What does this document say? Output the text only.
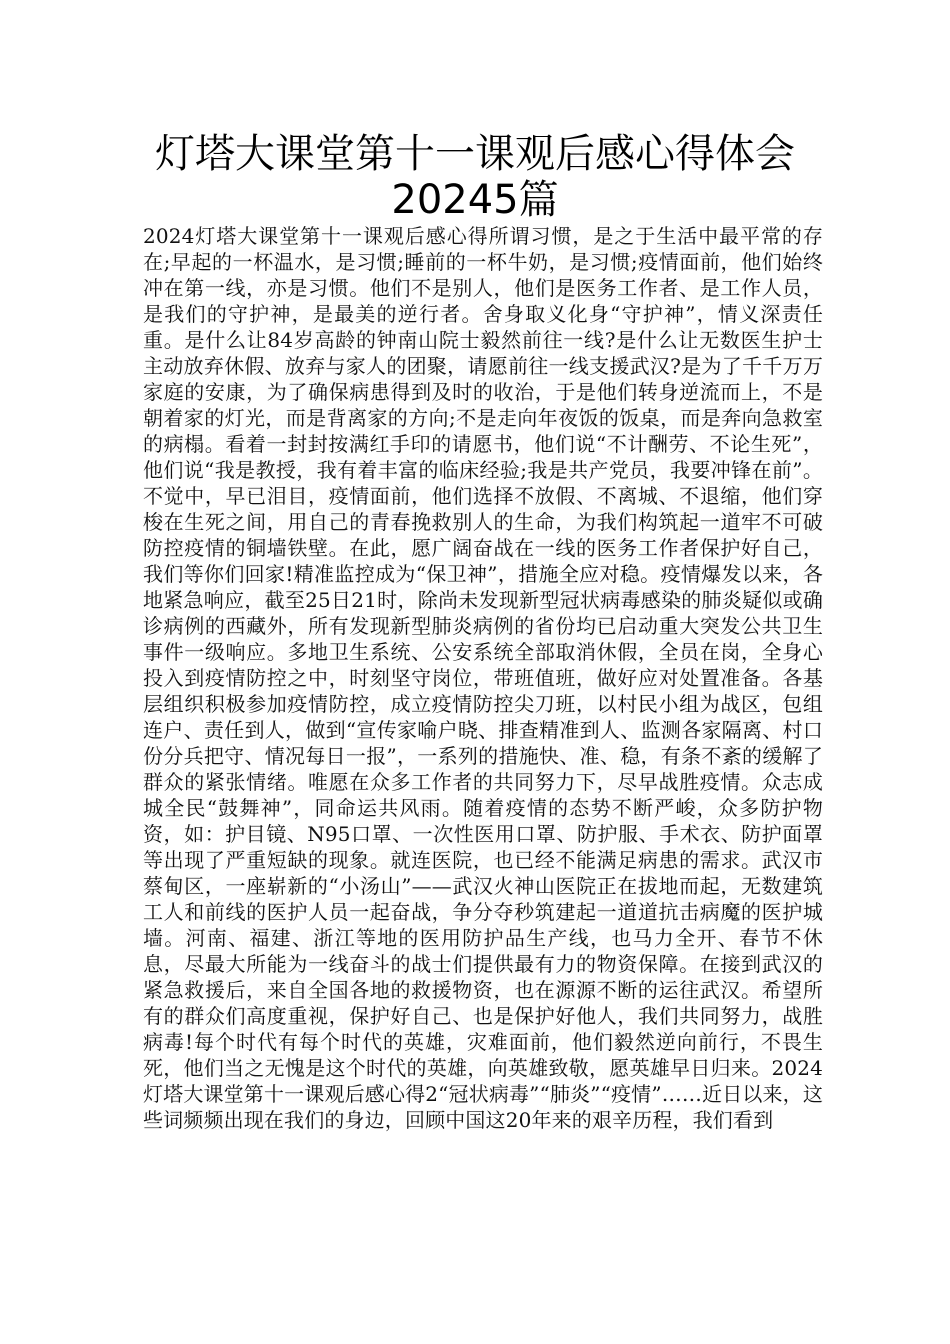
灯塔大课堂第十一课观后感心得体会
20245篇

2024灯塔大课堂第十一课观后感心得所谓习惯，是之于生活中最平常的存在;早起的一杯温水，是习惯;睡前的一杯牛奶，是习惯;疫情面前，他们始终冲在第一线，亦是习惯。他们不是别人，他们是医务工作者、是工作人员，是我们的守护神，是最美的逆行者。舍身取义化身“守护神”，情义深责任重。是什么让84岁高龄的钟南山院士毅然前往一线?是什么让无数医生护士主动放弃休假、放弃与家人的团聚，请愿前往一线支援武汉?是为了千千万万家庭的安康，为了确保病患得到及时的收治，于是他们转身逆流而上，不是朝着家的灯光，而是背离家的方向;不是走向年夜饭的饭桌，而是奔向急救室的病榻。看着一封封按满红手印的请愿书，他们说“不计酬劳、不论生死”，他们说“我是教授，我有着丰富的临床经验;我是共产党员，我要冲锋在前”。不觉中，早已泪目，疫情面前，他们选择不放假、不离城、不退缩，他们穿梭在生死之间，用自己的青春挽救别人的生命，为我们构筑起一道牢不可破防控疫情的铜墙铁壁。在此，愿广阔奋战在一线的医务工作者保护好自己，我们等你们回家!精准监控成为“保卫神”，措施全应对稳。疫情爆发以来，各地紧急响应，截至25日21时，除尚未发现新型冠状病毒感染的肺炎疑似或确诊病例的西藏外，所有发现新型肺炎病例的省份均已启动重大突发公共卫生事件一级响应。多地卫生系统、公安系统全部取消休假，全员在岗，全身心投入到疫情防控之中，时刻坚守岗位，带班值班，做好应对处置准备。各基层组织积极参加疫情防控，成立疫情防控尖刀班，以村民小组为战区，包组连户、责任到人，做到“宣传家喻户晓、排查精准到人、监测各家隔离、村口份分兵把守、情况每日一报”，一系列的措施快、准、稳，有条不紊的缓解了群众的紧张情绪。唯愿在众多工作者的共同努力下，尽早战胜疫情。众志成城全民“鼓舞神”，同命运共风雨。随着疫情的态势不断严峻，众多防护物资，如：护目镜、N95口罩、一次性医用口罩、防护服、手术衣、防护面罩等出现了严重短缺的现象。就连医院，也已经不能满足病患的需求。武汉市蔡甸区，一座崭新的“小汤山”——武汉火神山医院正在拔地而起，无数建筑工人和前线的医护人员一起奋战，争分夺秒筑建起一道道抗击病魔的医护城墙。河南、福建、浙江等地的医用防护品生产线，也马力全开、春节不休息，尽最大所能为一线奋斗的战士们提供最有力的物资保障。在接到武汉的紧急救援后，来自全国各地的救援物资，也在源源不断的运往武汉。希望所有的群众们高度重视，保护好自己、也是保护好他人，我们共同努力，战胜病毒!每个时代有每个时代的英雄，灾难面前，他们毅然逆向前行，不畏生死，他们当之无愧是这个时代的英雄，向英雄致敬，愿英雄早日归来。2024灯塔大课堂第十一课观后感心得2“冠状病毒”“肺炎”“疫情”……近日以来，这些词频频出现在我们的身边，回顾中国这20年来的艰辛历程，我们看到
